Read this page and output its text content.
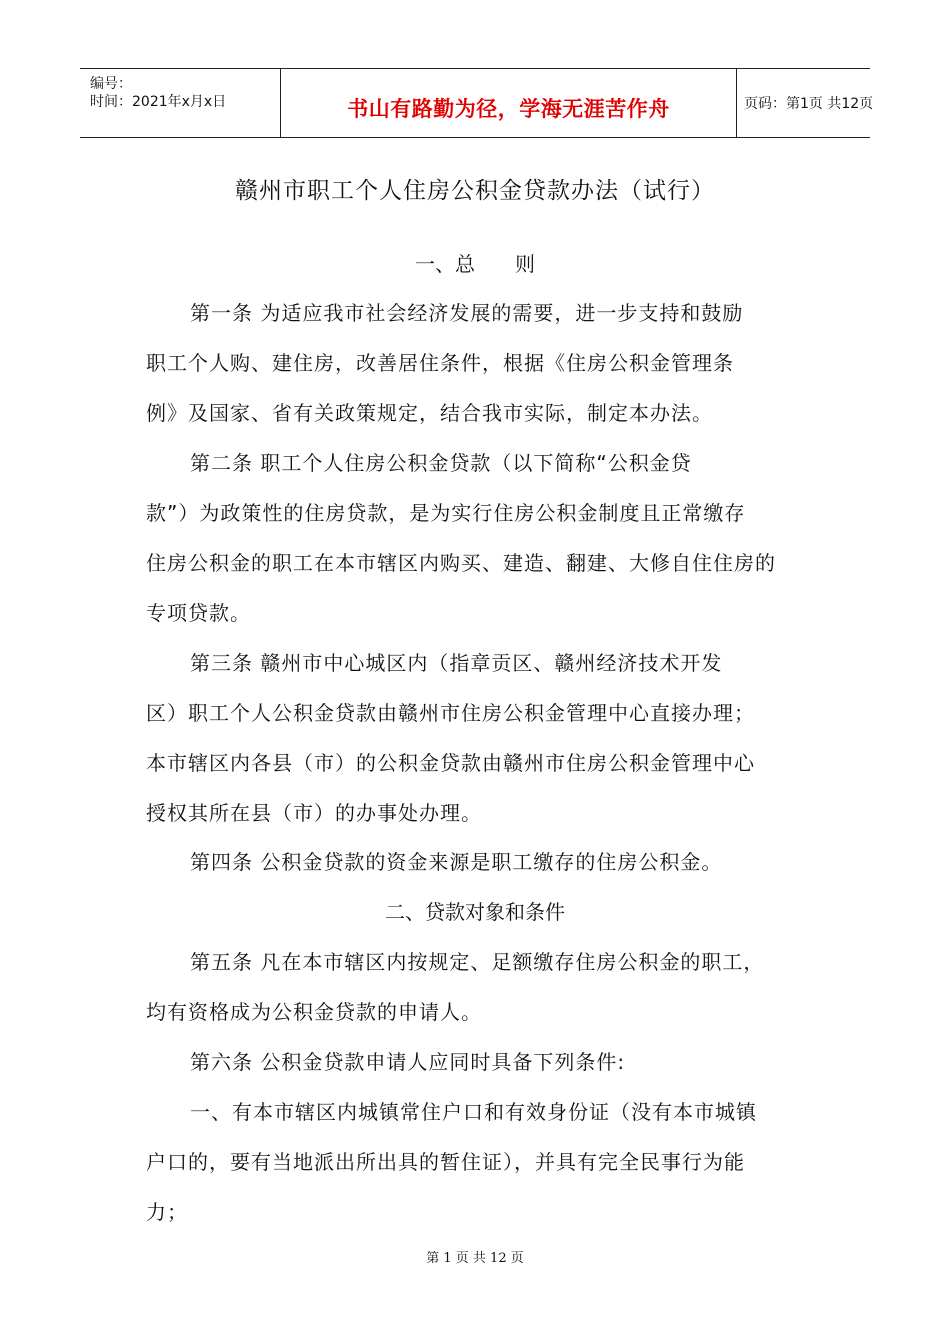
编号：
时间：2021年x月x日	书山有路勤为径，学海无涯苦作舟	页码：第1页 共12页
赣州市职工个人住房公积金贷款办法（试行）
一、总　　则
第一条 为适应我市社会经济发展的需要，进一步支持和鼓励
职工个人购、建住房，改善居住条件，根据《住房公积金管理条
例》及国家、省有关政策规定，结合我市实际，制定本办法。
第二条 职工个人住房公积金贷款（以下简称“公积金贷
款”）为政策性的住房贷款，是为实行住房公积金制度且正常缴存
住房公积金的职工在本市辖区内购买、建造、翻建、大修自住住房的
专项贷款。
第三条 赣州市中心城区内（指章贡区、赣州经济技术开发
区）职工个人公积金贷款由赣州市住房公积金管理中心直接办理；
本市辖区内各县（市）的公积金贷款由赣州市住房公积金管理中心
授权其所在县（市）的办事处办理。
第四条 公积金贷款的资金来源是职工缴存的住房公积金。
二、贷款对象和条件
第五条 凡在本市辖区内按规定、足额缴存住房公积金的职工，
均有资格成为公积金贷款的申请人。
第六条 公积金贷款申请人应同时具备下列条件:
一、有本市辖区内城镇常住户口和有效身份证（没有本市城镇
户口的，要有当地派出所出具的暂住证），并具有完全民事行为能
力；
第 1 页 共 12 页
